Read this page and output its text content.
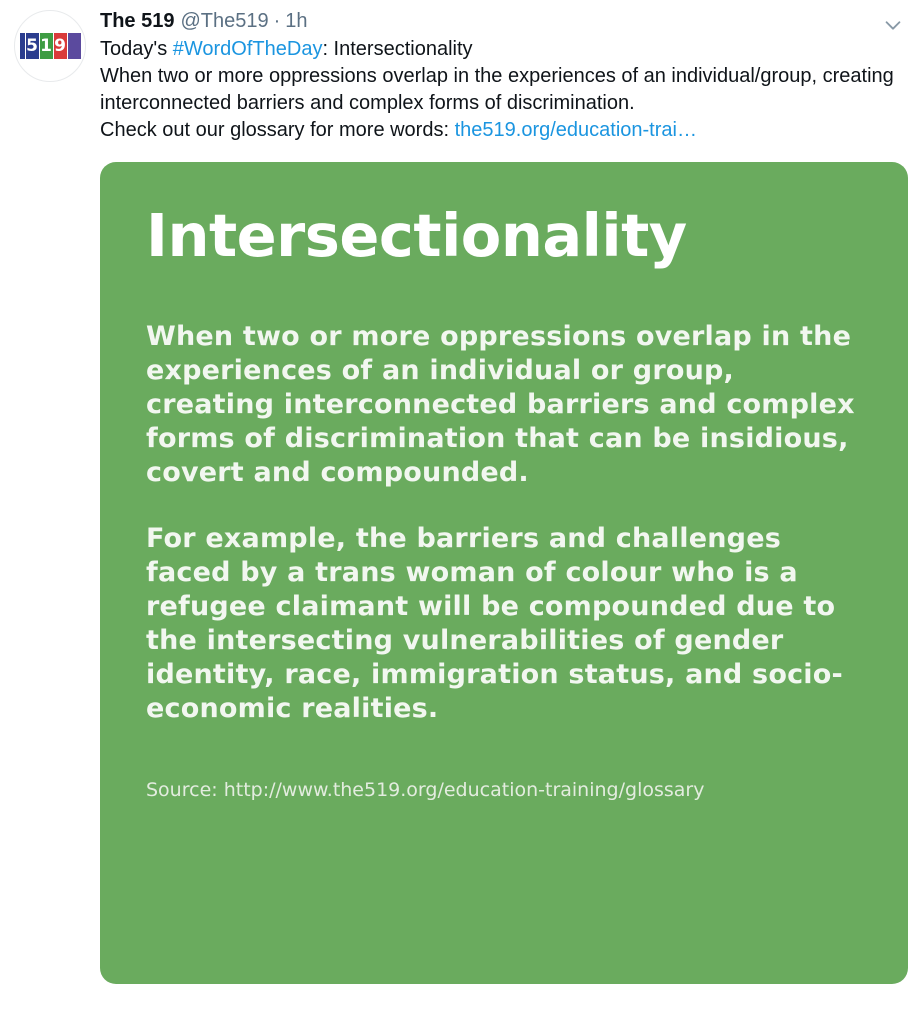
5 1 9
The 519 @The519 · 1h
Today's #WordOfTheDay: Intersectionality
When two or more oppressions overlap in the experiences of an individual/group, creating interconnected barriers and complex forms of discrimination.
Check out our glossary for more words: the519.org/education-trai…
Intersectionality
When two or more oppressions overlap in the experiences of an individual or group, creating interconnected barriers and complex forms of discrimination that can be insidious, covert and compounded.
For example, the barriers and challenges faced by a trans woman of colour who is a refugee claimant will be compounded due to the intersecting vulnerabilities of gender identity, race, immigration status, and socio-economic realities.
Source: http://www.the519.org/education-training/glossary
